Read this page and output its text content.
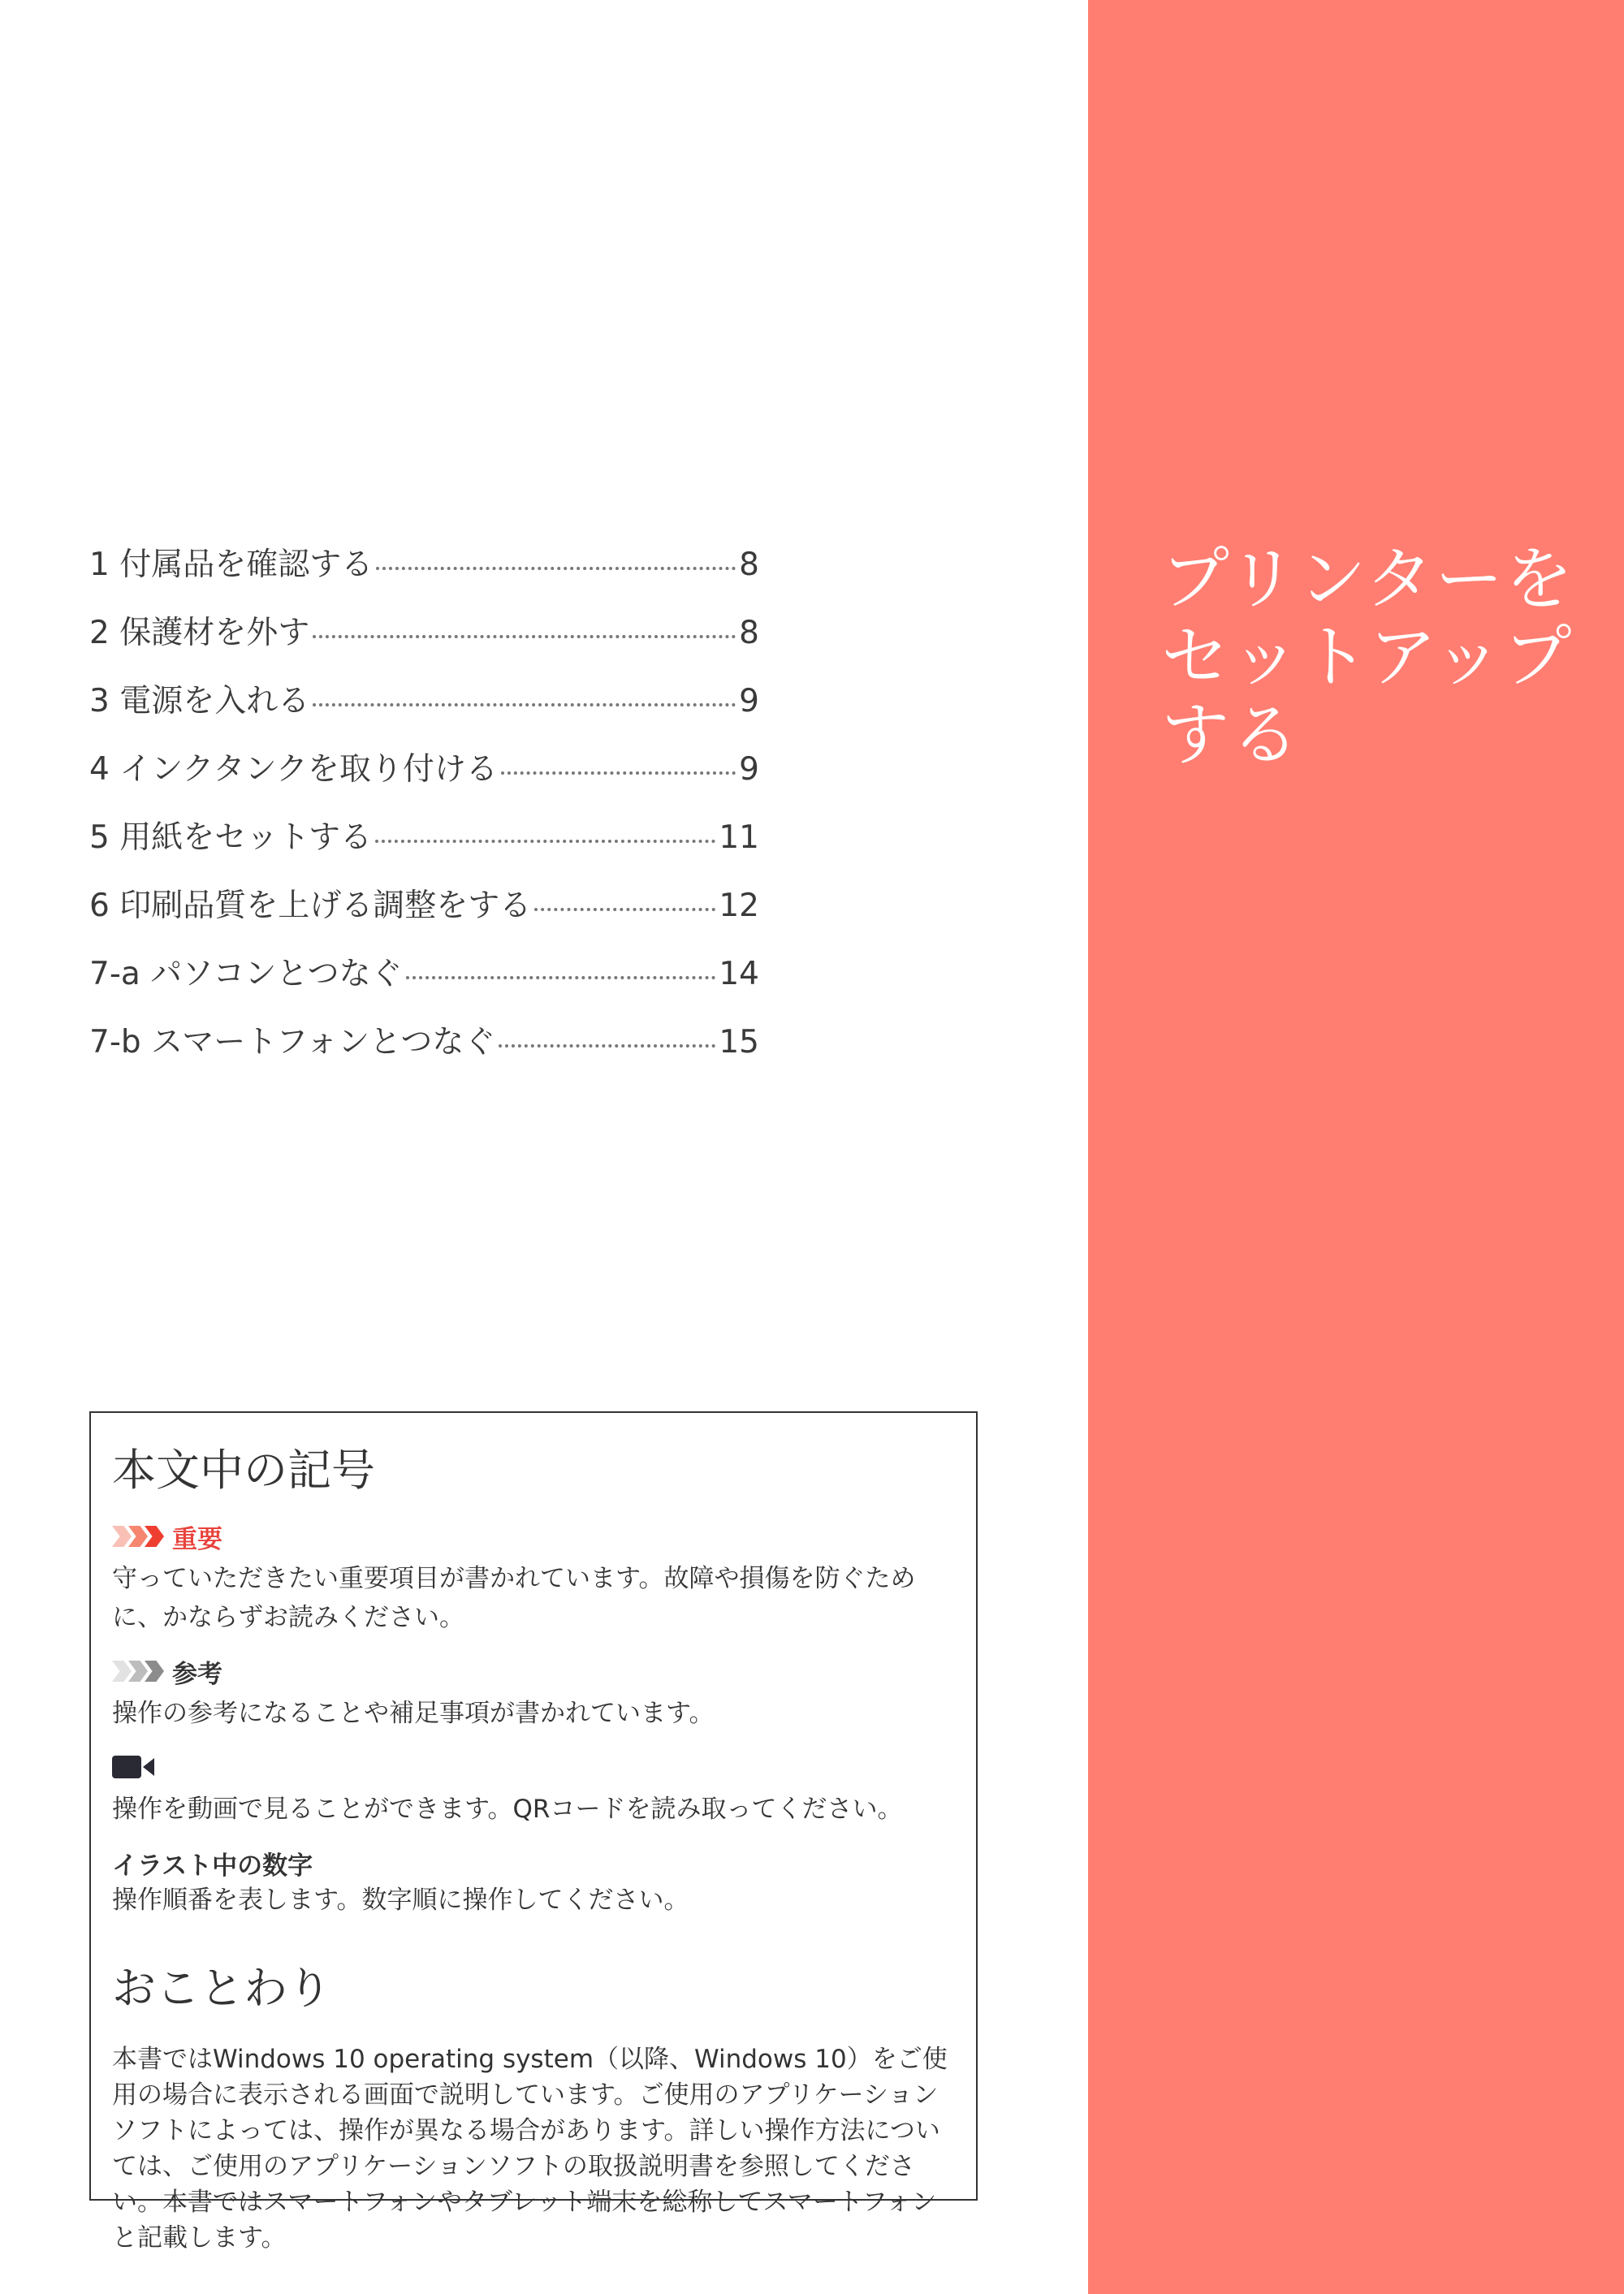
プリンターを
セットアップ
する
1 付属品を確認する	8
2 保護材を外す	8
3 電源を入れる	9
4 インクタンクを取り付ける	9
5 用紙をセットする	11
6 印刷品質を上げる調整をする	12
7-a パソコンとつなぐ	14
7-b スマートフォンとつなぐ	15
本文中の記号
重要

守っていただきたい重要項目が書かれています。故障や損傷を防ぐために、かならずお読みください。

参考

操作の参考になることや補足事項が書かれています。

操作を動画で見ることができます。QRコードを読み取ってください。

イラスト中の数字

操作順番を表します。数字順に操作してください。

おことわり

本書ではWindows 10 operating system（以降、Windows 10）をご使用の場合に表示される画面で説明しています。ご使用のアプリケーションソフトによっては、操作が異なる場合があります。詳しい操作方法については、ご使用のアプリケーションソフトの取扱説明書を参照してください。本書ではスマートフォンやタブレット端末を総称してスマートフォンと記載します。
